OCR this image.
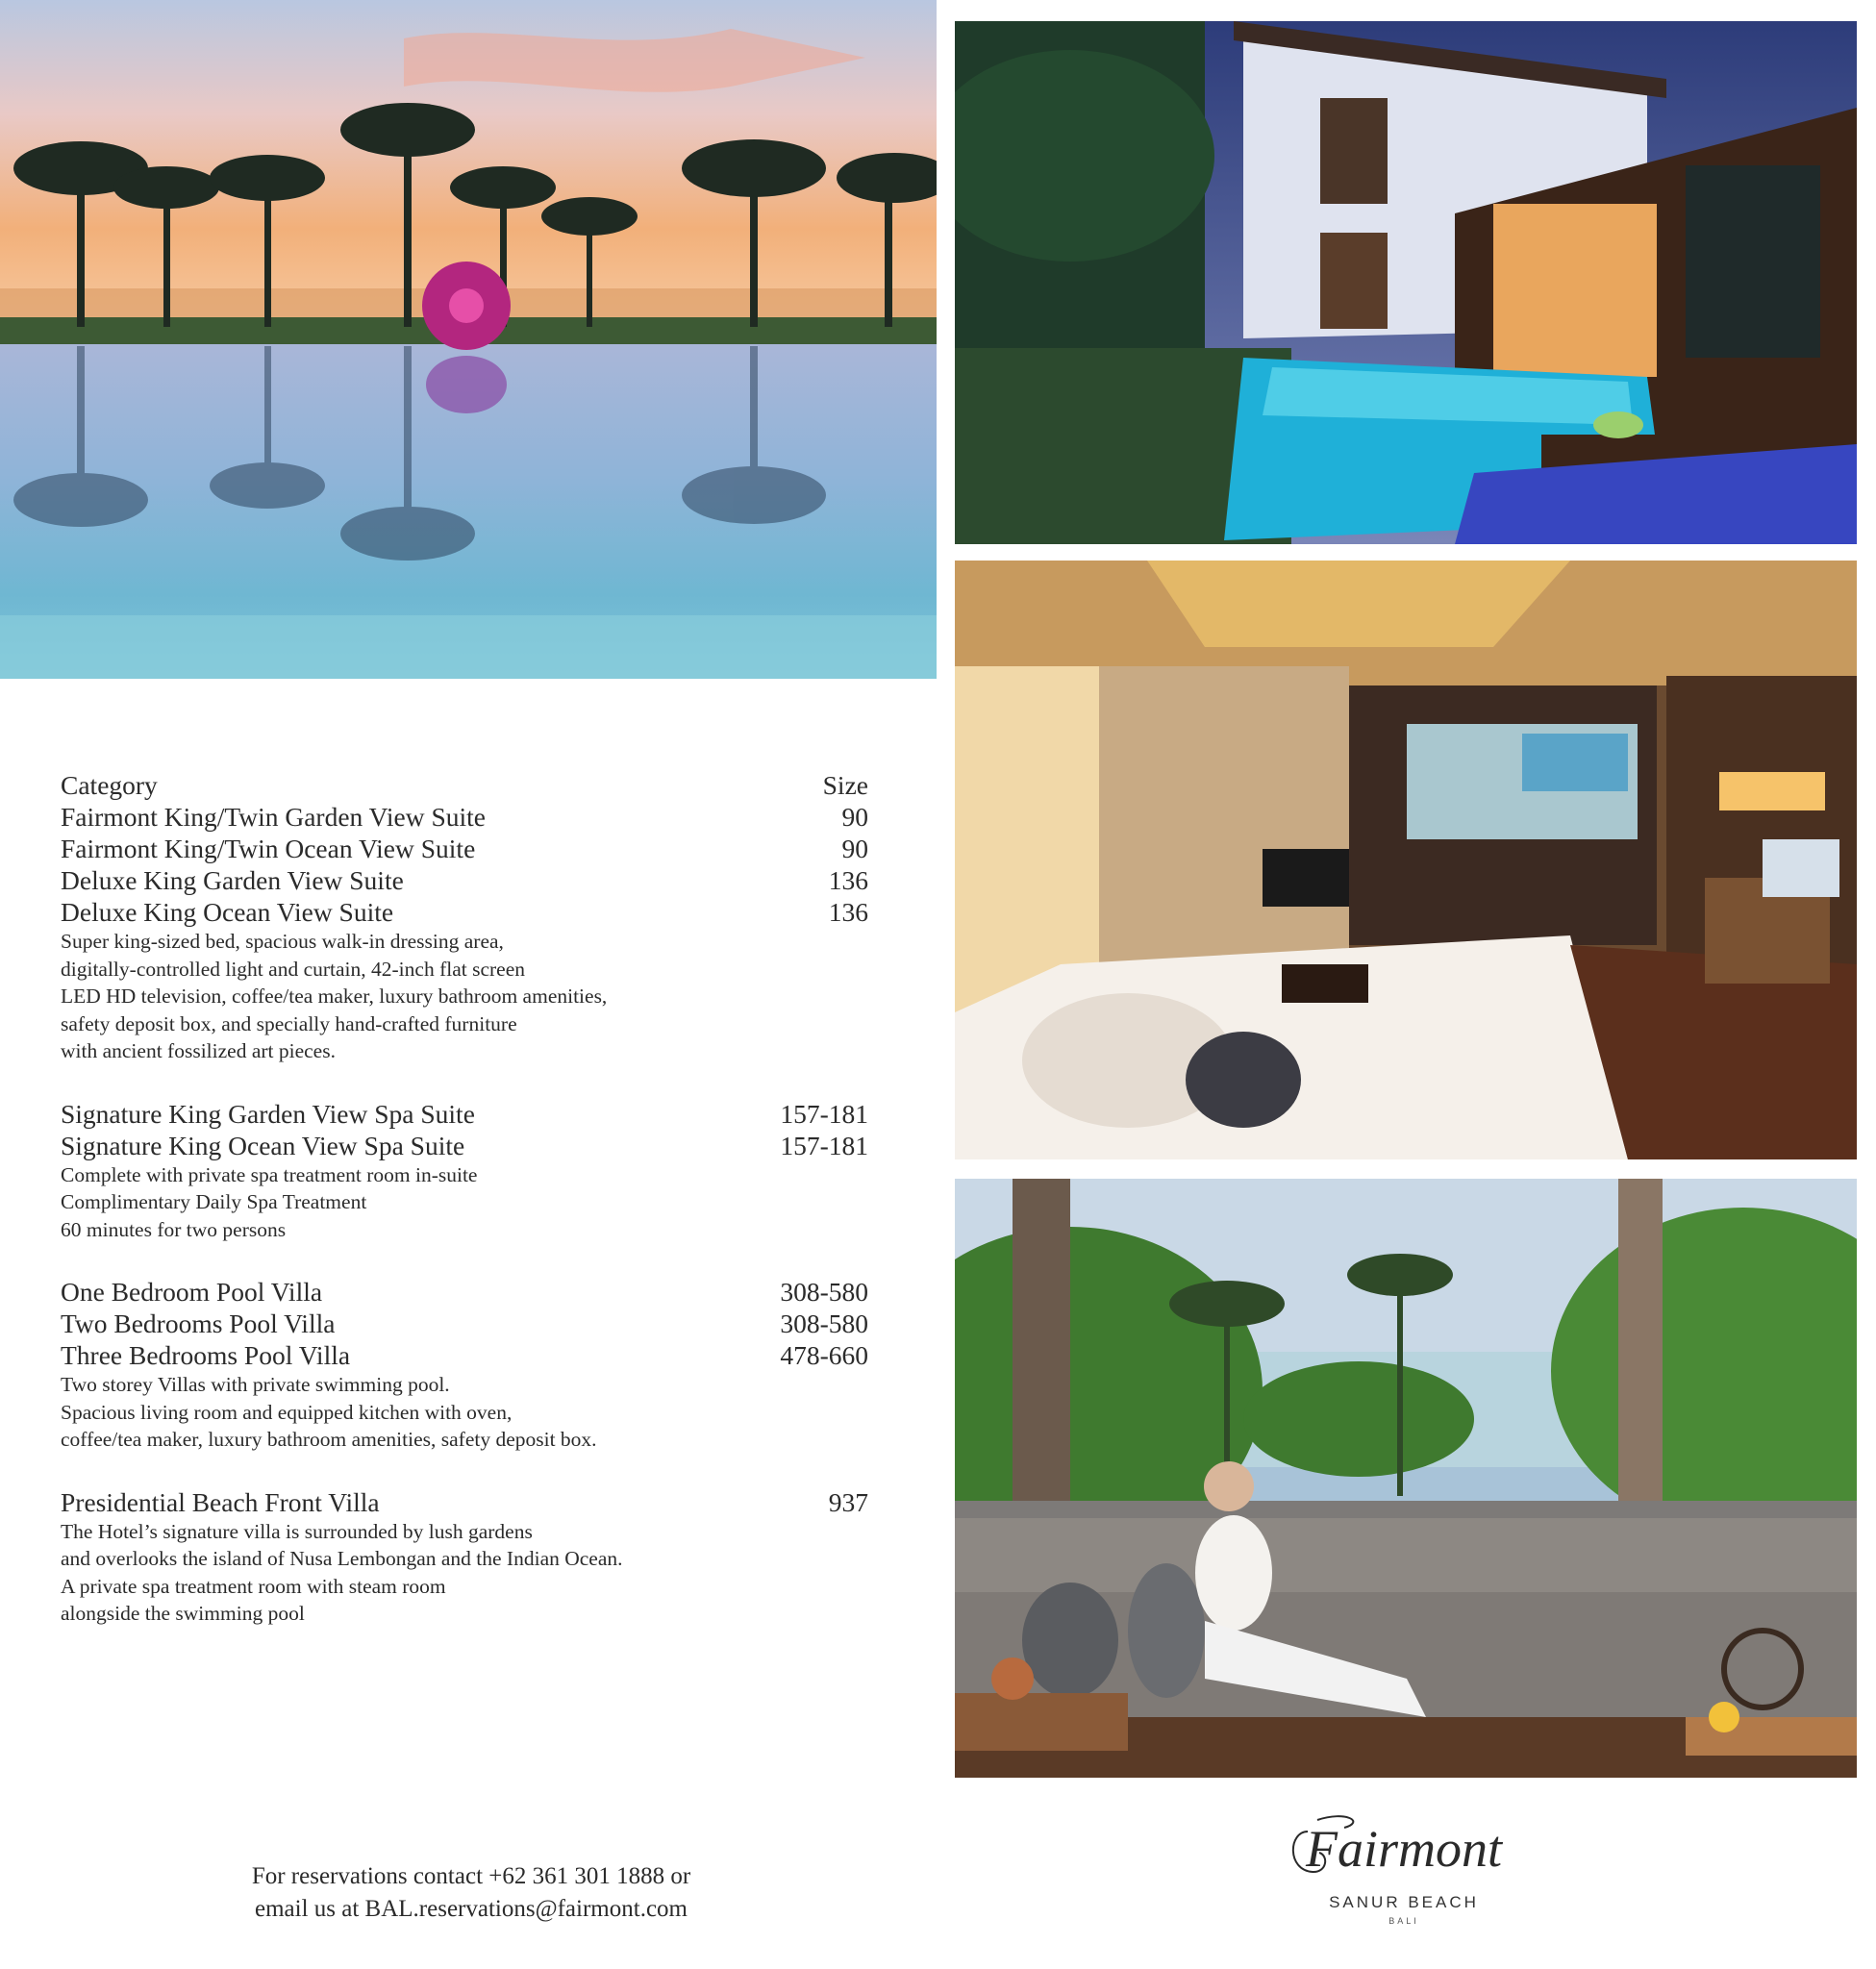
Category	Size
Fairmont King/Twin Garden View Suite	90
Fairmont King/Twin Ocean View Suite	90
Deluxe King Garden View Suite	136
Deluxe King Ocean View Suite	136
Super king-sized bed, spacious walk-in dressing area,
digitally-controlled light and curtain, 42-inch flat screen
LED HD television, coffee/tea maker, luxury bathroom amenities,
safety deposit box, and specially hand-crafted furniture
with ancient fossilized art pieces.
Signature King Garden View Spa Suite	157-181
Signature King Ocean View Spa Suite	157-181
Complete with private spa treatment room in-suite
Complimentary Daily Spa Treatment
60 minutes for two persons
One Bedroom Pool Villa	308-580
Two Bedrooms Pool Villa	308-580
Three Bedrooms Pool Villa	478-660
Two storey Villas with private swimming pool.
Spacious living room and equipped kitchen with oven,
coffee/tea maker, luxury bathroom amenities, safety deposit box.
Presidential Beach Front Villa	937
The Hotel’s signature villa is surrounded by lush gardens
and overlooks the island of Nusa Lembongan and the Indian Ocean.
A private spa treatment room with steam room
alongside the swimming pool
For reservations contact +62 361 301 1888 or
email us at BAL.reservations@fairmont.com
Fairmont
SANUR BEACH
BALI
